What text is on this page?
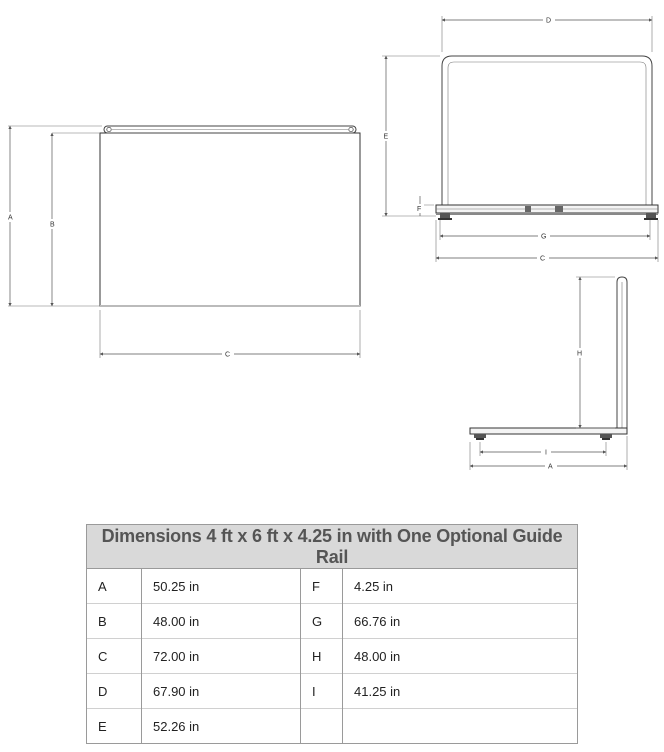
A
B
C
D
E
F
G
C
H
I
A
Dimensions 4 ft x 6 ft x 4.25 in with One Optional Guide Rail			
A	50.25 in	F	4.25 in
B	48.00 in	G	66.76 in
C	72.00 in	H	48.00 in
D	67.90 in	I	41.25 in
E	52.26 in		
